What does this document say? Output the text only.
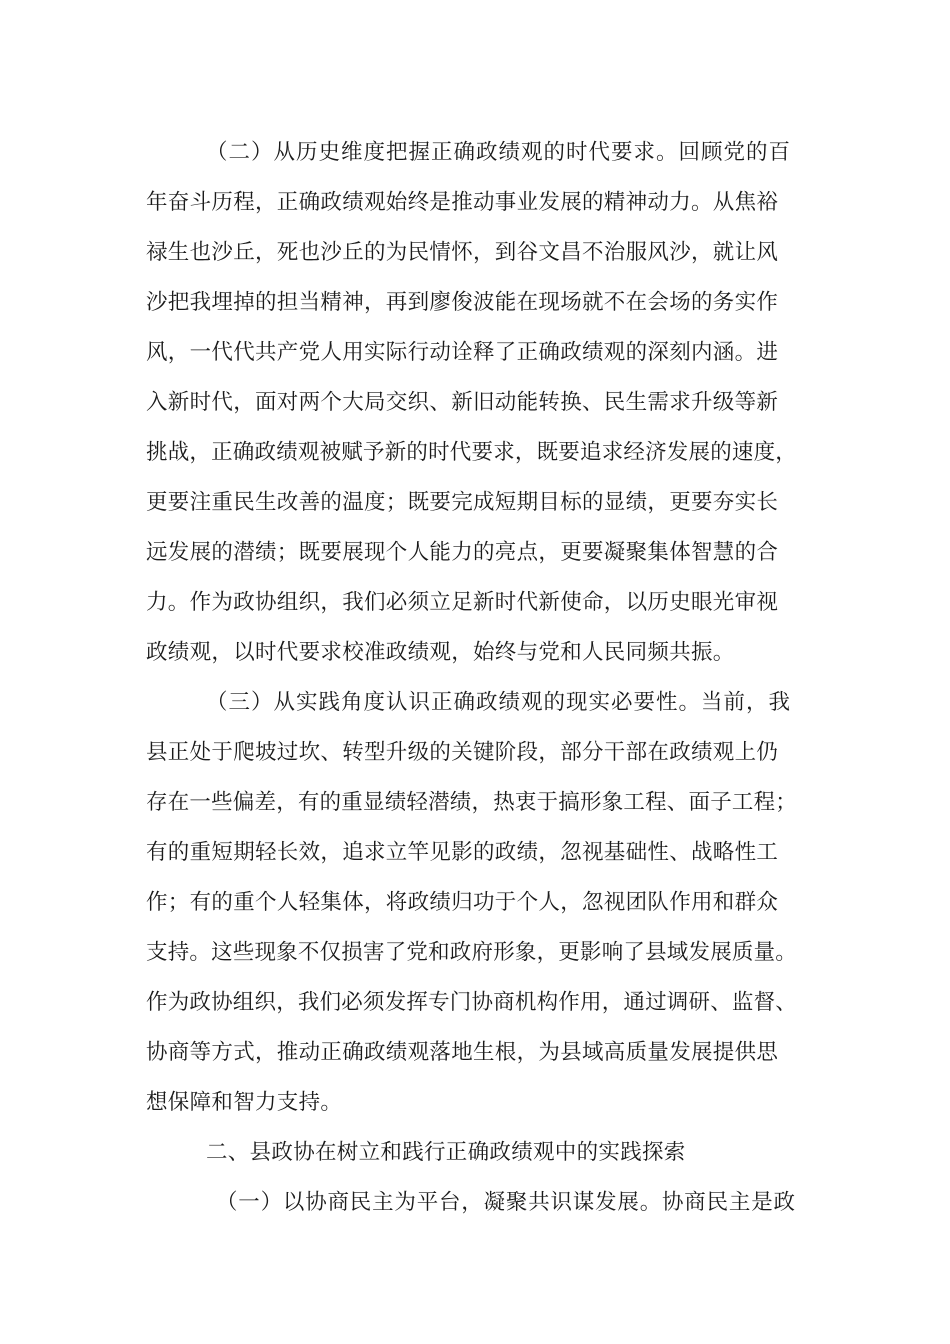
（二）从历史维度把握正确政绩观的时代要求。回顾党的百
年奋斗历程，正确政绩观始终是推动事业发展的精神动力。从焦裕
禄生也沙丘，死也沙丘的为民情怀，到谷文昌不治服风沙，就让风
沙把我埋掉的担当精神，再到廖俊波能在现场就不在会场的务实作
风，一代代共产党人用实际行动诠释了正确政绩观的深刻内涵。进
入新时代，面对两个大局交织、新旧动能转换、民生需求升级等新
挑战，正确政绩观被赋予新的时代要求，既要追求经济发展的速度，
更要注重民生改善的温度；既要完成短期目标的显绩，更要夯实长
远发展的潜绩；既要展现个人能力的亮点，更要凝聚集体智慧的合
力。作为政协组织，我们必须立足新时代新使命，以历史眼光审视
政绩观，以时代要求校准政绩观，始终与党和人民同频共振。
（三）从实践角度认识正确政绩观的现实必要性。当前，我
县正处于爬坡过坎、转型升级的关键阶段，部分干部在政绩观上仍
存在一些偏差，有的重显绩轻潜绩，热衷于搞形象工程、面子工程；
有的重短期轻长效，追求立竿见影的政绩，忽视基础性、战略性工
作；有的重个人轻集体，将政绩归功于个人，忽视团队作用和群众
支持。这些现象不仅损害了党和政府形象，更影响了县域发展质量。
作为政协组织，我们必须发挥专门协商机构作用，通过调研、监督、
协商等方式，推动正确政绩观落地生根，为县域高质量发展提供思
想保障和智力支持。
二、县政协在树立和践行正确政绩观中的实践探索
（一）以协商民主为平台，凝聚共识谋发展。协商民主是政
